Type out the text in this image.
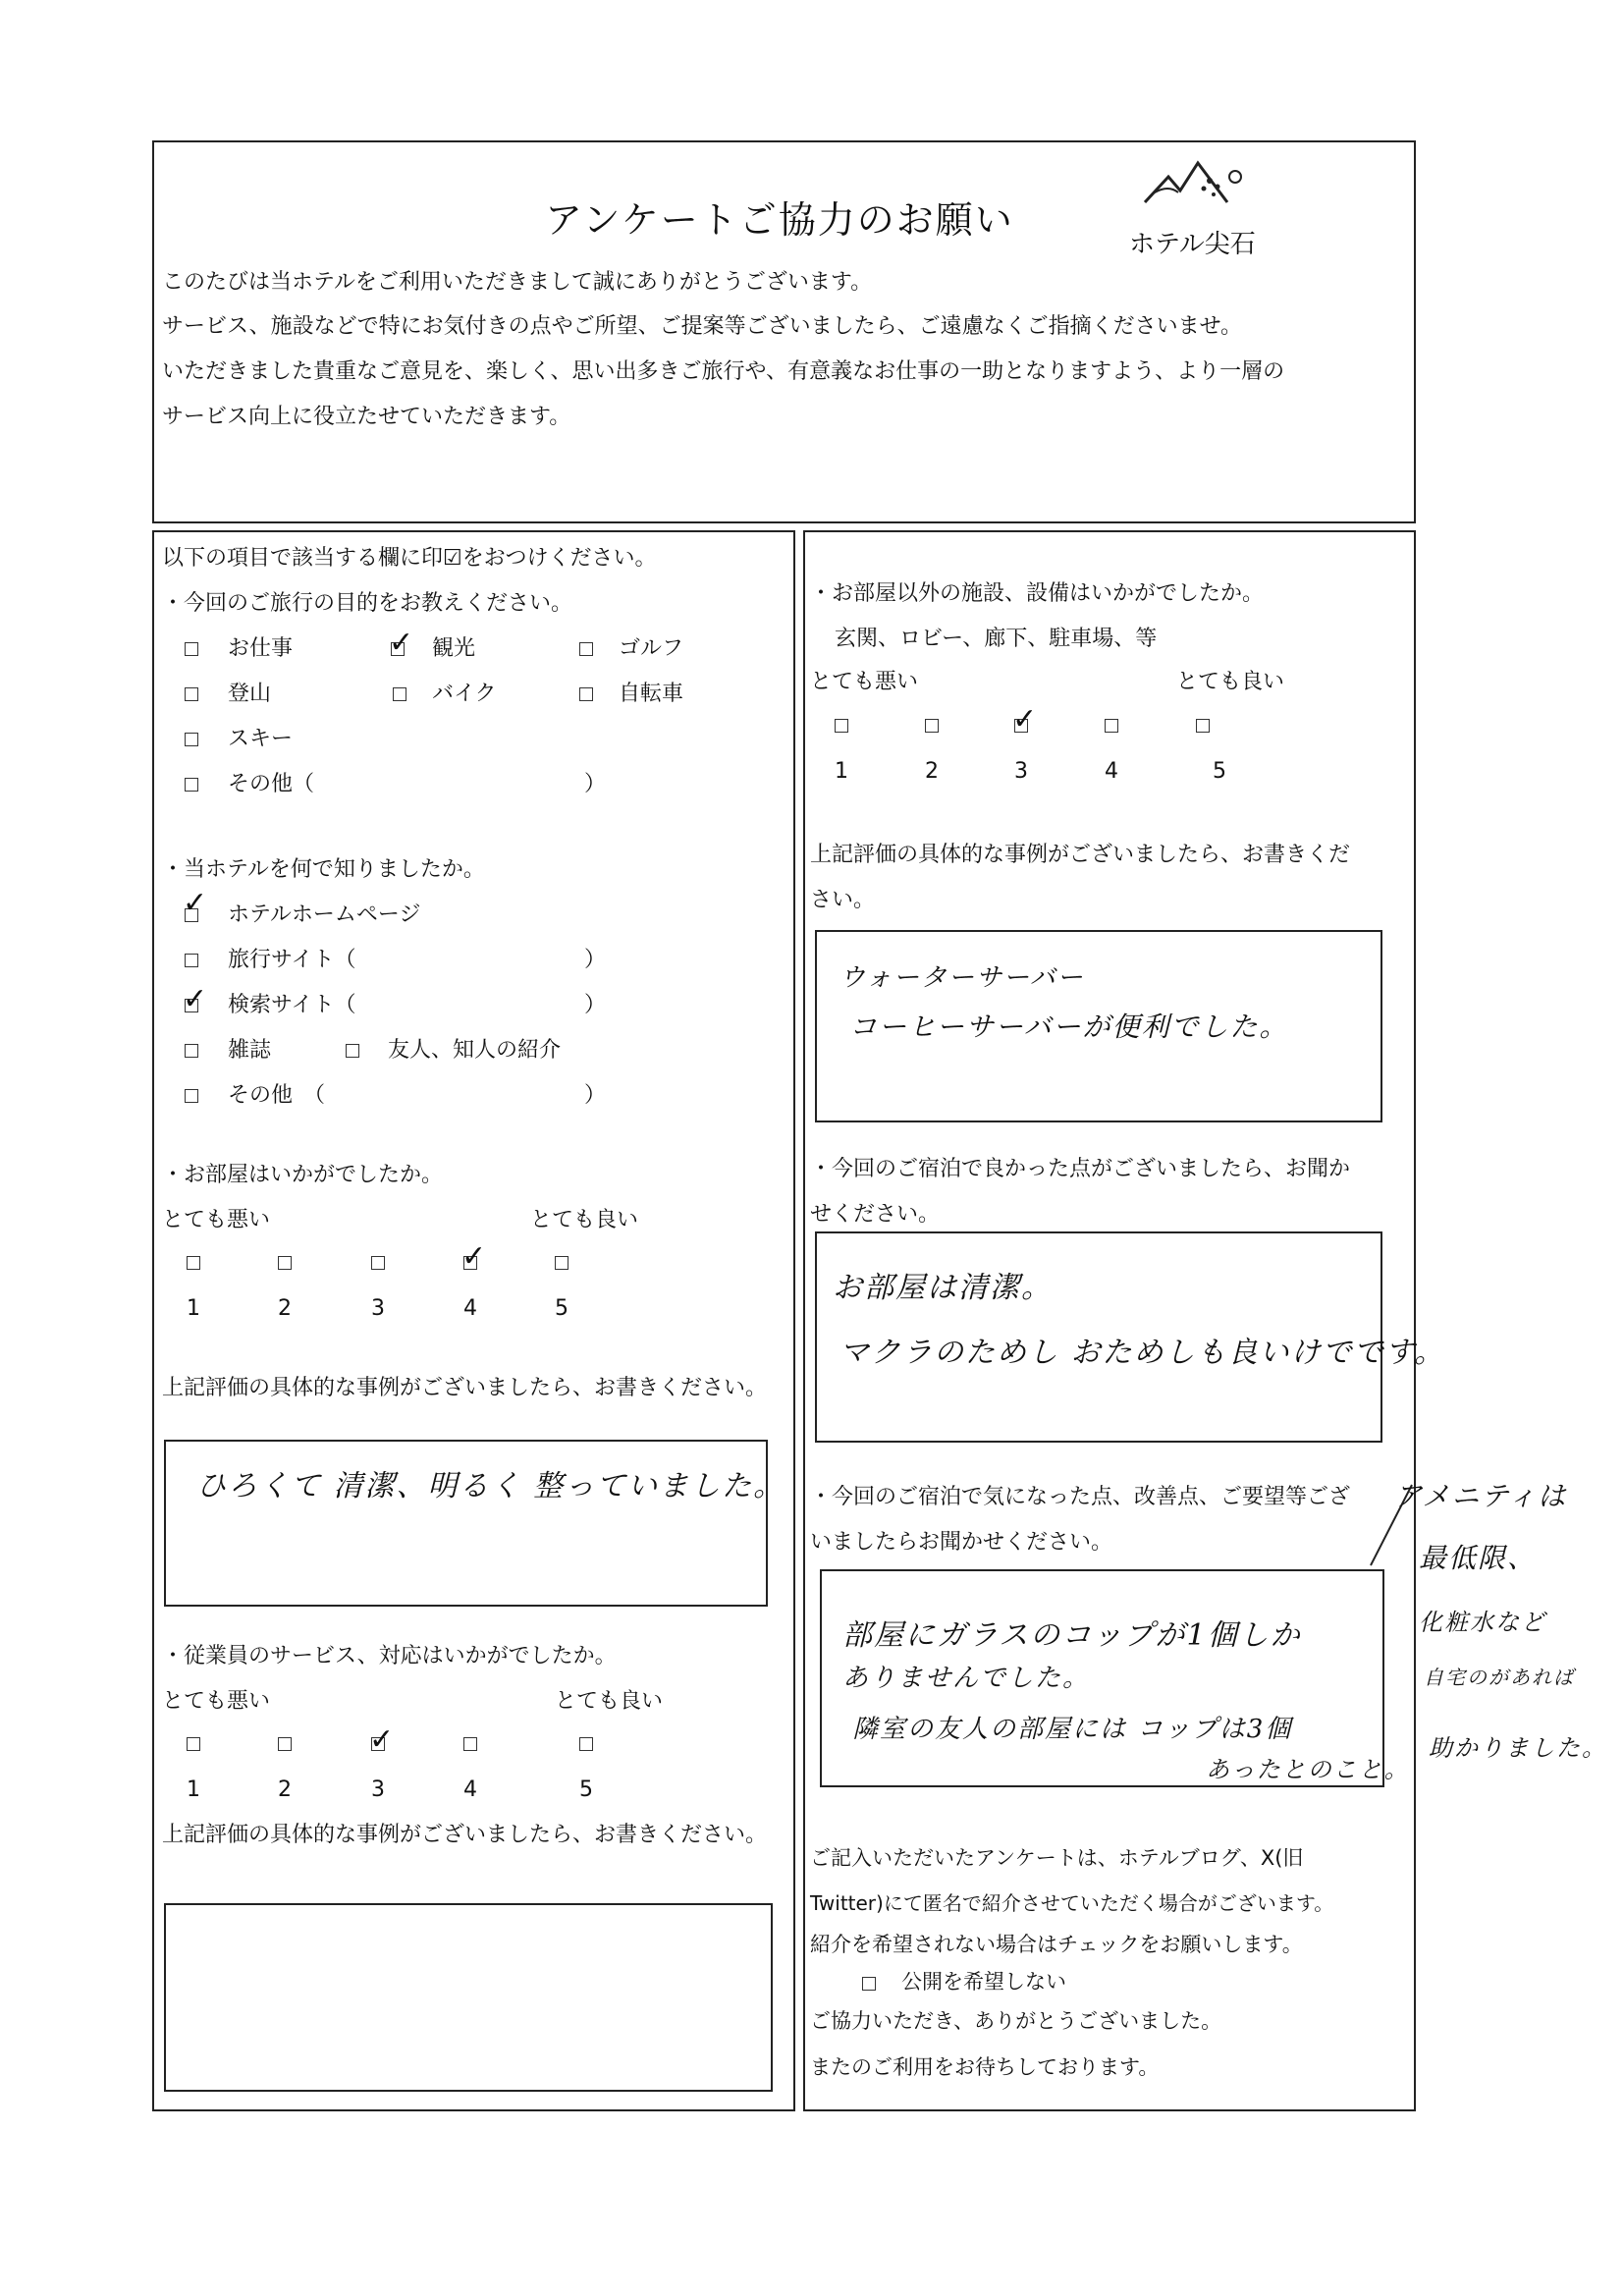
アンケートご協力のお願い
ホテル尖石
このたびは当ホテルをご利用いただきまして誠にありがとうございます。
サービス、施設などで特にお気付きの点やご所望、ご提案等ございましたら、ご遠慮なくご指摘くださいませ。
いただきました貴重なご意見を、楽しく、思い出多きご旅行や、有意義なお仕事の一助となりますよう、より一層の
サービス向上に役立たせていただきます。
以下の項目で該当する欄に印☑をおつけください。
・今回のご旅行の目的をお教えください。
お仕事	✓ 観光	ゴルフ
登山	バイク	自転車
スキー
その他（	）
・当ホテルを何で知りましたか。
✓ ホテルホームページ
旅行サイト（	）
✓ 検索サイト（	）
雑誌	友人、知人の紹介
その他　（	）
・お部屋はいかがでしたか。
とても悪い	とても良い
✓
1	2	3	4	5
上記評価の具体的な事例がございましたら、お書きください。
ひろくて 清潔、明るく 整っていました。
・従業員のサービス、対応はいかがでしたか。
とても悪い	とても良い
✓
1	2	3	4	5
上記評価の具体的な事例がございましたら、お書きください。
・お部屋以外の施設、設備はいかがでしたか。
玄関、ロビー、廊下、駐車場、等
とても悪い	とても良い
✓
1	2	3	4	5
上記評価の具体的な事例がございましたら、お書きくだ
さい。
ウォーターサーバー
コーヒーサーバーが便利でした。
・今回のご宿泊で良かった点がございましたら、お聞か
せください。
お部屋は清潔。
マクラのためし おためしも良いけでです。
・今回のご宿泊で気になった点、改善点、ご要望等ござ
いましたらお聞かせください。
部屋にガラスのコップが1個しか
ありませんでした。
隣室の友人の部屋には コップは3個
あったとのこと。
アメニティは
最低限、
化粧水など
自宅のがあれば
助かりました。
ご記入いただいたアンケートは、ホテルブログ、X(旧
Twitter)にて匿名で紹介させていただく場合がございます。
紹介を希望されない場合はチェックをお願いします。
公開を希望しない
ご協力いただき、ありがとうございました。
またのご利用をお待ちしております。
